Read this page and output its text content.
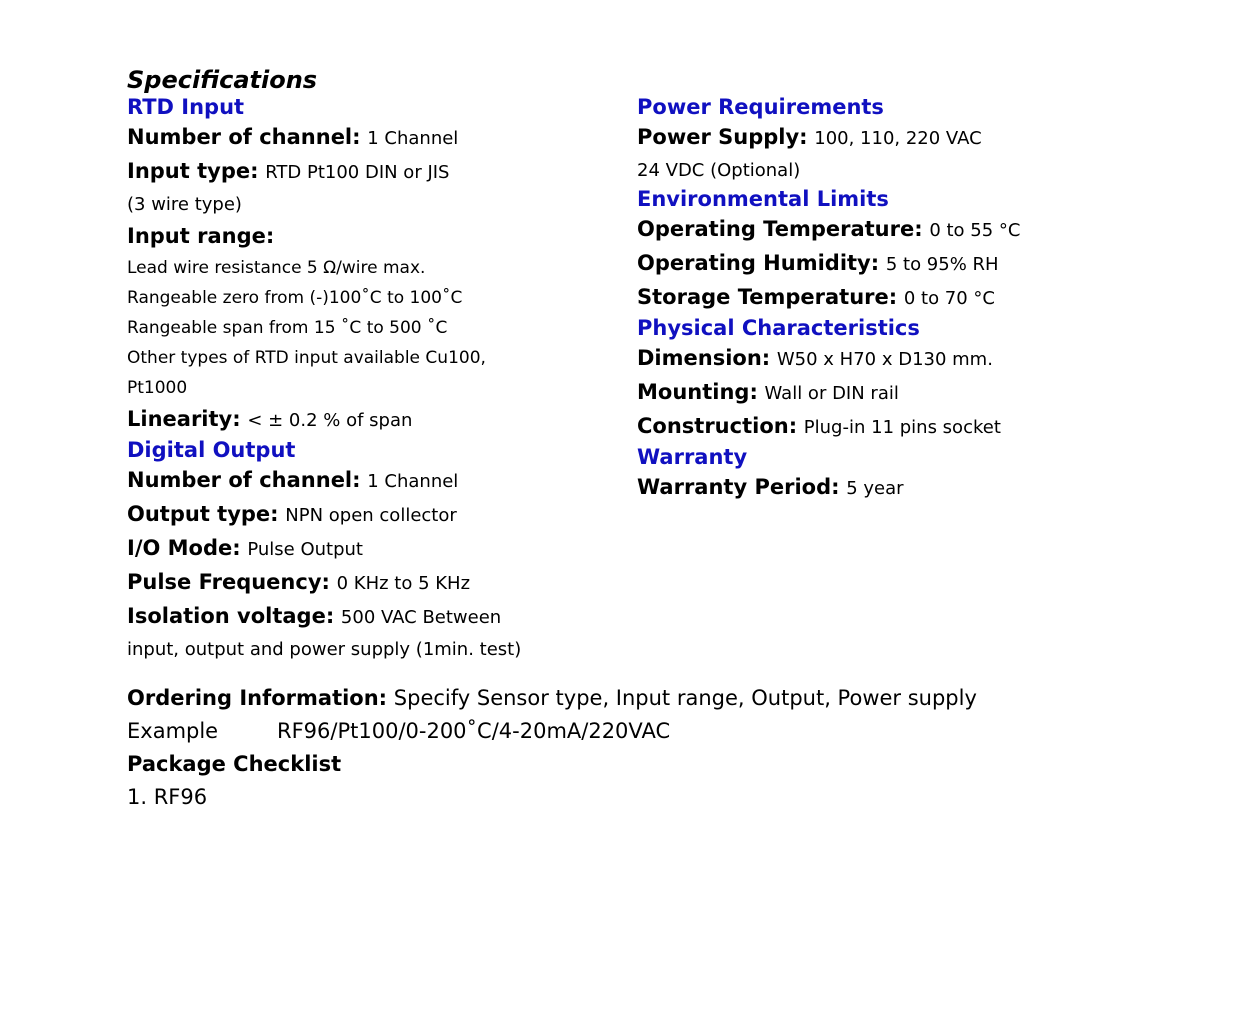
Specifications
RTD Input
Number of channel: 1 Channel
Input type: RTD Pt100 DIN or JIS
(3 wire type)
Input range:
Lead wire resistance 5 Ω/wire max.
Rangeable zero from (-)100˚C to 100˚C
Rangeable span from 15 ˚C to 500 ˚C
Other types of RTD input available Cu100,
Pt1000
Linearity: < ± 0.2 % of span
Digital Output
Number of channel: 1 Channel
Output type: NPN open collector
I/O Mode: Pulse Output
Pulse Frequency: 0 KHz to 5 KHz
Isolation voltage: 500 VAC Between
input, output and power supply (1min. test)
Power Requirements
Power Supply: 100, 110, 220 VAC
24 VDC (Optional)
Environmental Limits
Operating Temperature: 0 to 55 °C
Operating Humidity: 5 to 95% RH
Storage Temperature: 0 to 70 °C
Physical Characteristics
Dimension: W50 x H70 x D130 mm.
Mounting: Wall or DIN rail
Construction: Plug-in 11 pins socket
Warranty
Warranty Period: 5 year
Ordering Information: Specify Sensor type, Input range, Output, Power supply
Example	RF96/Pt100/0-200˚C/4-20mA/220VAC
Package Checklist
1. RF96
